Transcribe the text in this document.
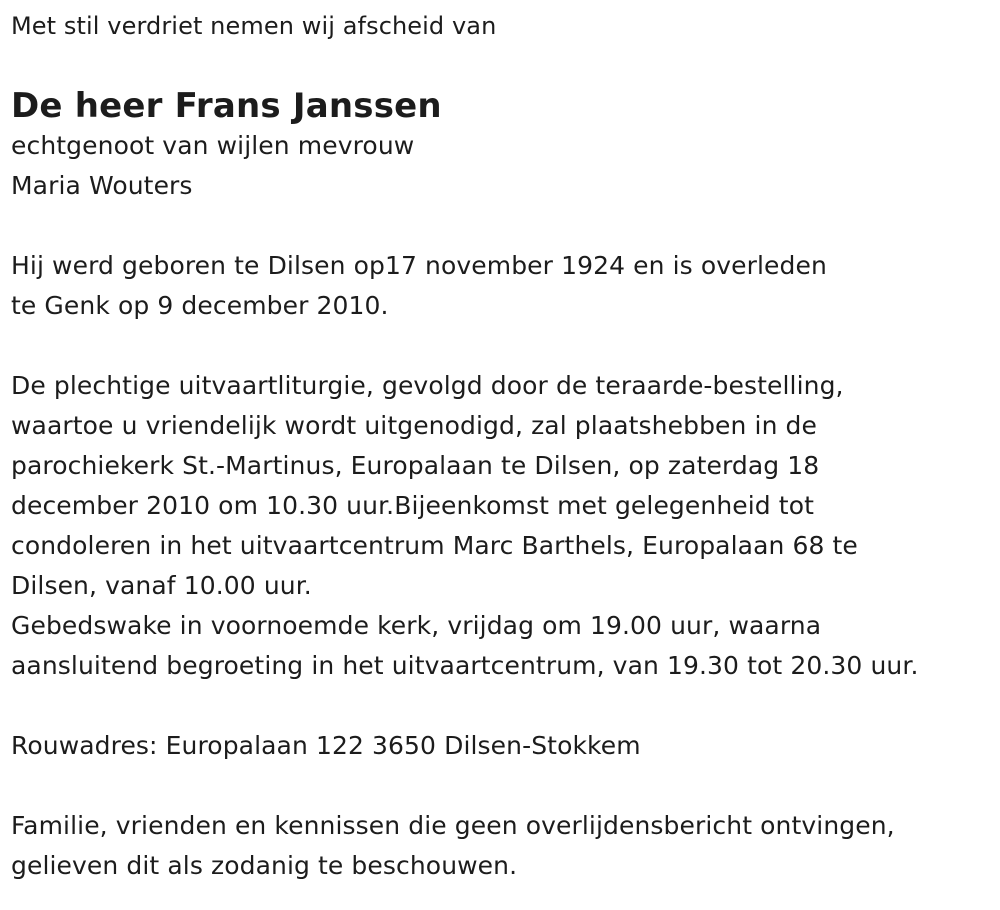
Met stil verdriet nemen wij afscheid van
De heer Frans Janssen
echtgenoot van wijlen mevrouw
Maria Wouters
Hij werd geboren te Dilsen op17 november 1924 en is overleden
te Genk op 9 december 2010.
De plechtige uitvaartliturgie, gevolgd door de teraarde-bestelling,
waartoe u vriendelijk wordt uitgenodigd, zal plaatshebben in de
parochiekerk St.-Martinus, Europalaan te Dilsen, op zaterdag 18
december 2010 om 10.30 uur.Bijeenkomst met gelegenheid tot
condoleren in het uitvaartcentrum Marc Barthels, Europalaan 68 te
Dilsen, vanaf 10.00 uur.
Gebedswake in voornoemde kerk, vrijdag om 19.00 uur, waarna
aansluitend begroeting in het uitvaartcentrum, van 19.30 tot 20.30 uur.
Rouwadres: Europalaan 122 3650 Dilsen-Stokkem
Familie, vrienden en kennissen die geen overlijdensbericht ontvingen,
gelieven dit als zodanig te beschouwen.
